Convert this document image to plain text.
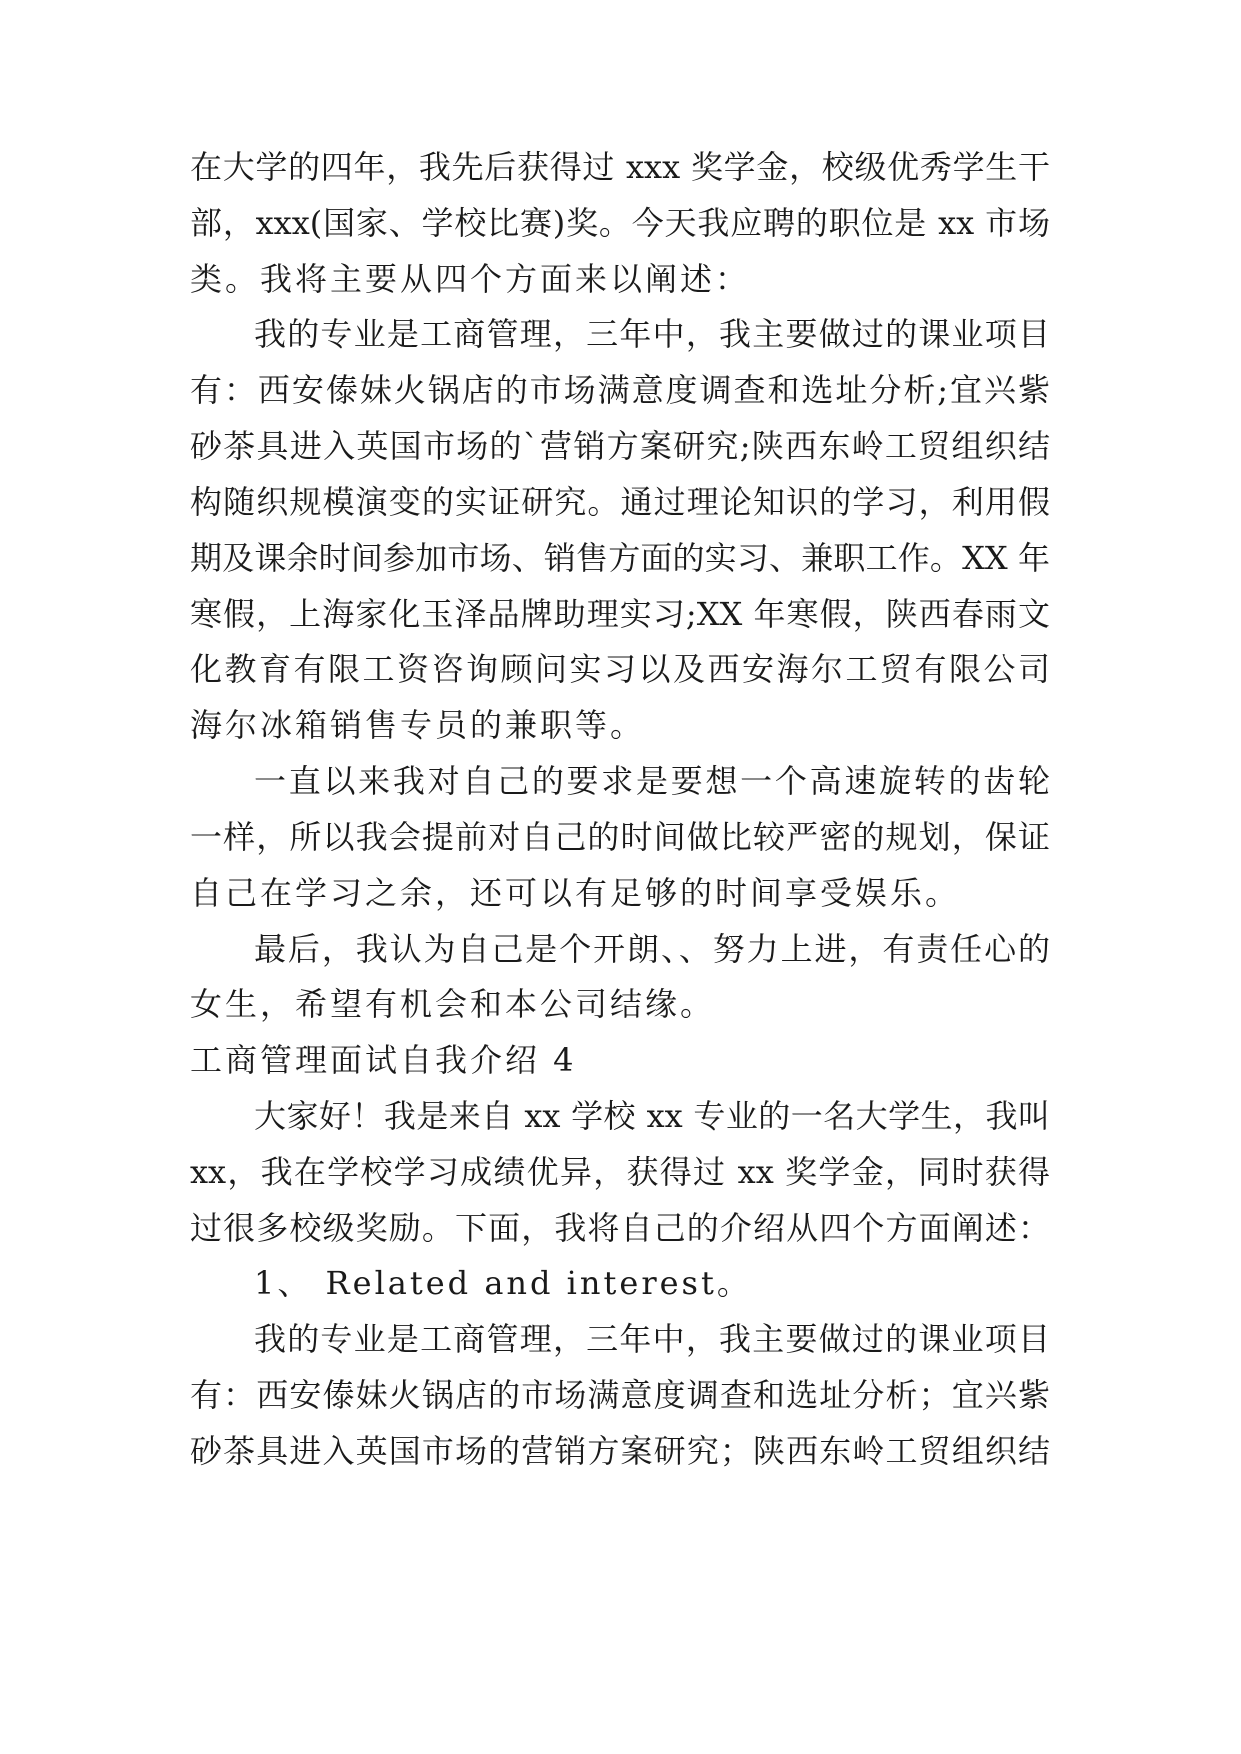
在大学的四年，我先后获得过 xxx 奖学金，校级优秀学生干
部，xxx(国家、学校比赛)奖。今天我应聘的职位是 xx 市场
类。我将主要从四个方面来以阐述：
我的专业是工商管理，三年中，我主要做过的课业项目
有：西安傣妹火锅店的市场满意度调查和选址分析;宜兴紫
砂茶具进入英国市场的`营销方案研究;陕西东岭工贸组织结
构随织规模演变的实证研究。通过理论知识的学习，利用假
期及课余时间参加市场、销售方面的实习、兼职工作。XX 年
寒假，上海家化玉泽品牌助理实习;XX 年寒假，陕西春雨文
化教育有限工资咨询顾问实习以及西安海尔工贸有限公司
海尔冰箱销售专员的兼职等。
一直以来我对自己的要求是要想一个高速旋转的齿轮
一样，所以我会提前对自己的时间做比较严密的规划，保证
自己在学习之余，还可以有足够的时间享受娱乐。
最后，我认为自己是个开朗、、努力上进，有责任心的
女生，希望有机会和本公司结缘。
工商管理面试自我介绍 4
大家好！我是来自 xx 学校 xx 专业的一名大学生，我叫
xx，我在学校学习成绩优异，获得过 xx 奖学金，同时获得
过很多校级奖励。下面，我将自己的介绍从四个方面阐述：
1、 Related and interest。
我的专业是工商管理，三年中，我主要做过的课业项目
有：西安傣妹火锅店的市场满意度调查和选址分析；宜兴紫
砂茶具进入英国市场的营销方案研究；陕西东岭工贸组织结
